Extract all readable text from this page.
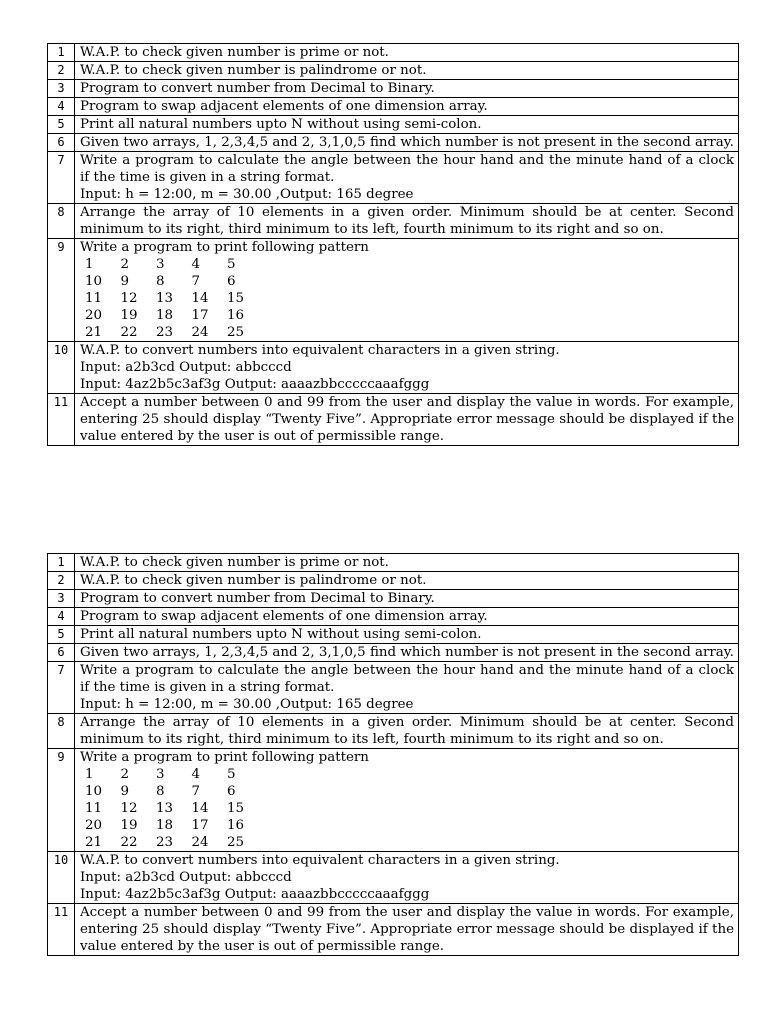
1	W.A.P. to check given number is prime or not.

2	W.A.P. to check given number is palindrome or not.

3	Program to convert number from Decimal to Binary.

4	Program to swap adjacent elements of one dimension array.

5	Print all natural numbers upto N without using semi-colon.

6	Given two arrays, 1, 2,3,4,5 and 2, 3,1,0,5 find which number is not present in the second array.

7	Write a program to calculate the angle between the hour hand and the minute hand of a clock if the time is given in a string format.
Input: h = 12:00, m = 30.00 ,Output: 165 degree

8	Arrange the array of 10 elements in a given order. Minimum should be at center. Second minimum to its right, third minimum to its left, fourth minimum to its right and so on.

9	Write a program to print following pattern
1	2	3	4	5
10	9	8	7	6
11	12	13	14	15
20	19	18	17	16
21	22	23	24	25

10	W.A.P. to convert numbers into equivalent characters in a given string.
Input: a2b3cd Output: abbcccd
Input: 4az2b5c3af3g Output: aaaazbbcccccaaafggg

11	Accept a number between 0 and 99 from the user and display the value in words. For example, entering 25 should display “Twenty Five”. Appropriate error message should be displayed if the value entered by the user is out of permissible range.
1	W.A.P. to check given number is prime or not.

2	W.A.P. to check given number is palindrome or not.

3	Program to convert number from Decimal to Binary.

4	Program to swap adjacent elements of one dimension array.

5	Print all natural numbers upto N without using semi-colon.

6	Given two arrays, 1, 2,3,4,5 and 2, 3,1,0,5 find which number is not present in the second array.

7	Write a program to calculate the angle between the hour hand and the minute hand of a clock if the time is given in a string format.
Input: h = 12:00, m = 30.00 ,Output: 165 degree

8	Arrange the array of 10 elements in a given order. Minimum should be at center. Second minimum to its right, third minimum to its left, fourth minimum to its right and so on.

9	Write a program to print following pattern
1	2	3	4	5
10	9	8	7	6
11	12	13	14	15
20	19	18	17	16
21	22	23	24	25

10	W.A.P. to convert numbers into equivalent characters in a given string.
Input: a2b3cd Output: abbcccd
Input: 4az2b5c3af3g Output: aaaazbbcccccaaafggg

11	Accept a number between 0 and 99 from the user and display the value in words. For example, entering 25 should display “Twenty Five”. Appropriate error message should be displayed if the value entered by the user is out of permissible range.
